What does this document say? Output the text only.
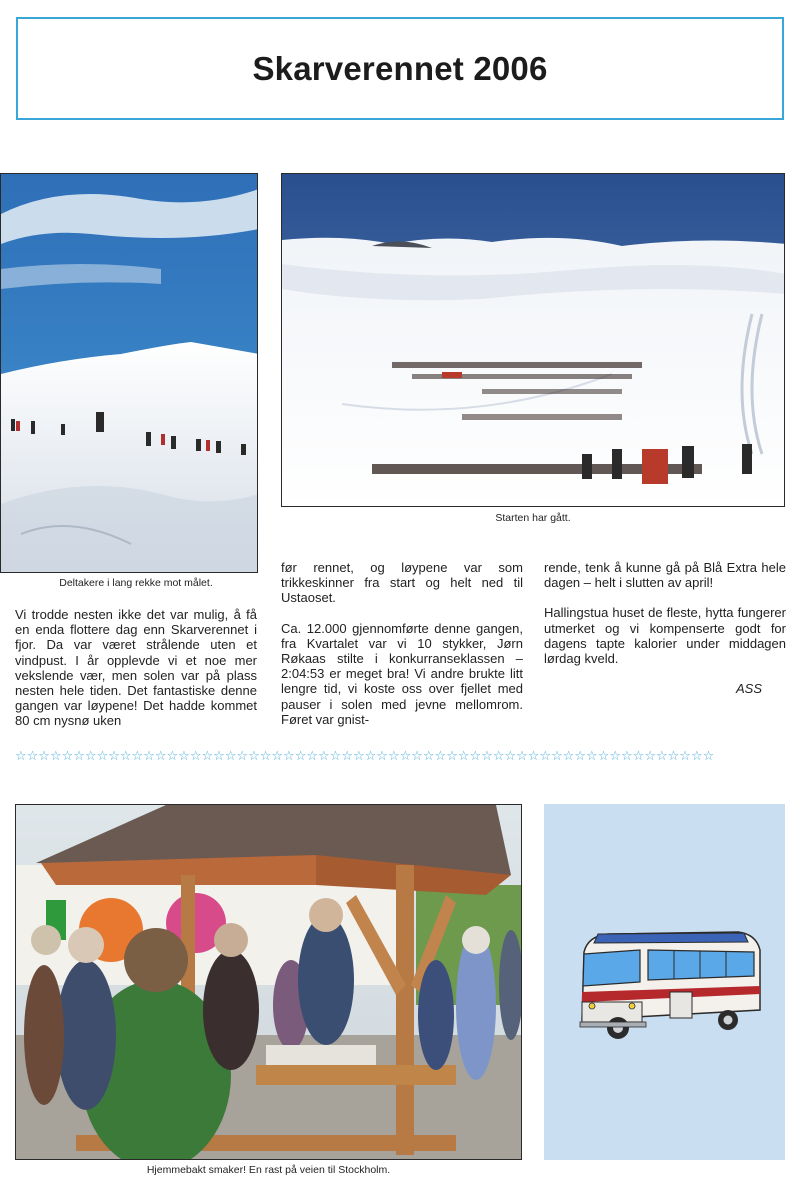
Skarverennet 2006
Deltakere i lang rekke mot målet.
Starten har gått.

Vi trodde nesten ikke det var mulig, å få en enda flottere dag enn Skarverennet i fjor. Da var været strålende uten et vindpust. I år opplevde vi et noe mer vekslende vær, men solen var på plass nesten hele tiden. Det fantastiske denne gangen var løypene! Det hadde kommet 80 cm nysnø uken

før rennet, og løypene var som trikkeskinner fra start og helt ned til Ustaoset.

Ca. 12.000 gjennomførte denne gangen, fra Kvartalet var vi 10 stykker, Jørn Røkaas stilte i konkurranseklassen – 2:04:53 er meget bra! Vi andre brukte litt lengre tid, vi koste oss over fjellet med pauser i solen med jevne mellomrom. Føret var gnist-

rende, tenk å kunne gå på Blå Extra hele dagen – helt i slutten av april!

Hallingstua huset de fleste, hytta fungerer utmerket og vi kompenserte godt for dagens tapte kalorier under middagen lørdag kveld.

ASS

☆☆☆☆☆☆☆☆☆☆☆☆☆☆☆☆☆☆☆☆☆☆☆☆☆☆☆☆☆☆☆☆☆☆☆☆☆☆☆☆☆☆☆☆☆☆☆☆☆☆☆☆☆☆☆☆☆☆☆☆
Hjemmebakt smaker! En rast på veien til Stockholm.
